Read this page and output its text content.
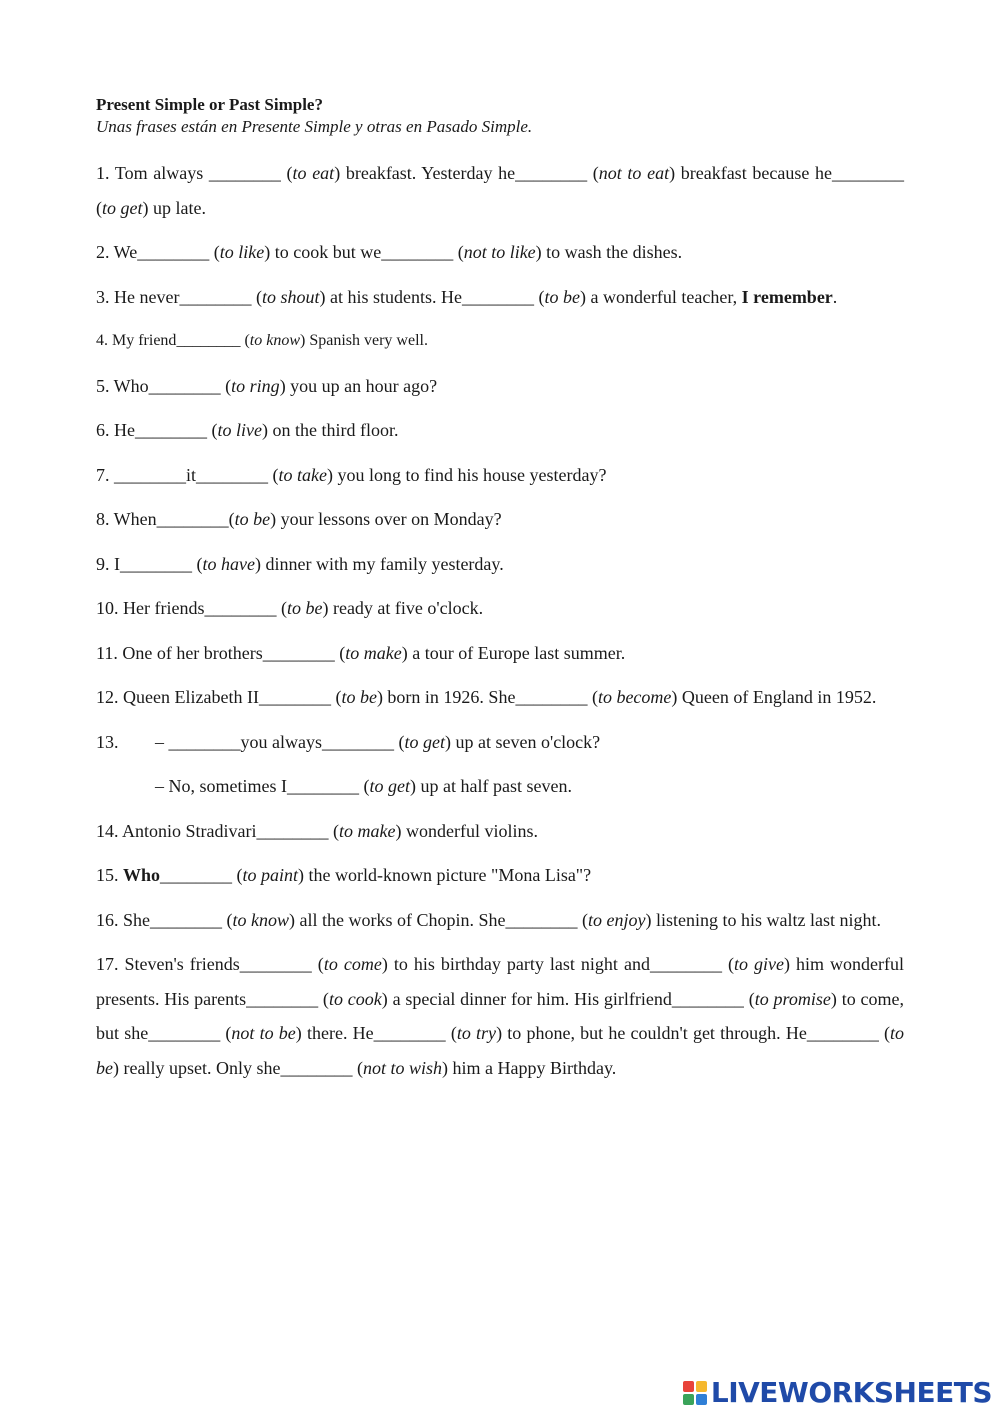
Present Simple or Past Simple?

Unas frases están en Presente Simple y otras en Pasado Simple.

1. Tom always ________ (to eat) breakfast. Yesterday he________ (not to eat) breakfast because he________ (to get) up late.

2. We________ (to like) to cook but we________ (not to like) to wash the dishes.

3. He never________ (to shout) at his students. He________ (to be) a wonderful teacher, I remember.

4. My friend________ (to know) Spanish very well.

5. Who________ (to ring) you up an hour ago?

6. He________ (to live) on the third floor.

7. ________it________ (to take) you long to find his house yesterday?

8. When________(to be) your lessons over on Monday?

9. I________ (to have) dinner with my family yesterday.

10. Her friends________ (to be) ready at five o'clock.

11. One of her brothers________ (to make) a tour of Europe last summer.

12. Queen Elizabeth II________ (to be) born in 1926. She________ (to become) Queen of England in 1952.

13.	– ________you always________ (to get) up at seven o'clock?
– No, sometimes I________ (to get) up at half past seven.

14. Antonio Stradivari________ (to make) wonderful violins.

15. Who________ (to paint) the world-known picture "Mona Lisa"?

16. She________ (to know) all the works of Chopin. She________ (to enjoy) listening to his waltz last night.

17. Steven's friends________ (to come) to his birthday party last night and________ (to give) him wonderful presents. His parents________ (to cook) a special dinner for him. His girlfriend________ (to promise) to come, but she________ (not to be) there. He________ (to try) to phone, but he couldn't get through. He________ (to be) really upset. Only she________ (not to wish) him a Happy Birthday.

LIVEWORKSHEETS
